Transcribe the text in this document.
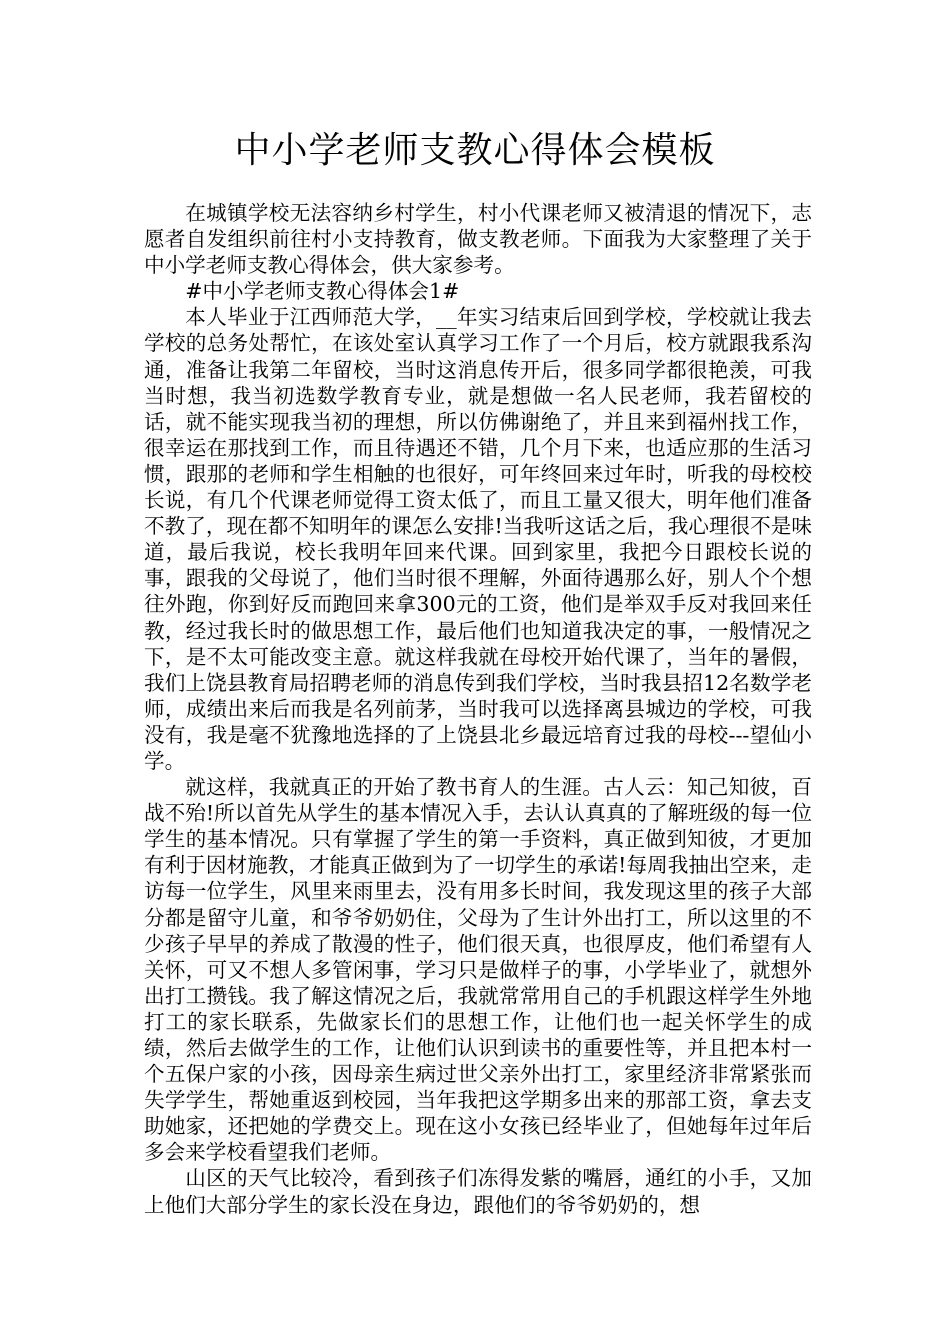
中小学老师支教心得体会模板

在城镇学校无法容纳乡村学生，村小代课老师又被清退的情况下，志愿者自发组织前往村小支持教育，做支教老师。下面我为大家整理了关于中小学老师支教心得体会，供大家参考。

#中小学老师支教心得体会1#

本人毕业于江西师范大学，__年实习结束后回到学校，学校就让我去学校的总务处帮忙，在该处室认真学习工作了一个月后，校方就跟我系沟通，准备让我第二年留校，当时这消息传开后，很多同学都很艳羡，可我当时想，我当初选数学教育专业，就是想做一名人民老师，我若留校的话，就不能实现我当初的理想，所以仿佛谢绝了，并且来到福州找工作，很幸运在那找到工作，而且待遇还不错，几个月下来，也适应那的生活习惯，跟那的老师和学生相触的也很好，可年终回来过年时，听我的母校校长说，有几个代课老师觉得工资太低了，而且工量又很大，明年他们准备不教了，现在都不知明年的课怎么安排!当我听这话之后，我心理很不是味道，最后我说，校长我明年回来代课。回到家里，我把今日跟校长说的事，跟我的父母说了，他们当时很不理解，外面待遇那么好，别人个个想往外跑，你到好反而跑回来拿300元的工资，他们是举双手反对我回来任教，经过我长时的做思想工作，最后他们也知道我决定的事，一般情况之下，是不太可能改变主意。就这样我就在母校开始代课了，当年的暑假，我们上饶县教育局招聘老师的消息传到我们学校，当时我县招12名数学老师，成绩出来后而我是名列前茅，当时我可以选择离县城边的学校，可我没有，我是毫不犹豫地选择的了上饶县北乡最远培育过我的母校---望仙小学。

就这样，我就真正的开始了教书育人的生涯。古人云：知己知彼，百战不殆!所以首先从学生的基本情况入手，去认认真真的了解班级的每一位学生的基本情况。只有掌握了学生的第一手资料，真正做到知彼，才更加有利于因材施教，才能真正做到为了一切学生的承诺!每周我抽出空来，走访每一位学生，风里来雨里去，没有用多长时间，我发现这里的孩子大部分都是留守儿童，和爷爷奶奶住，父母为了生计外出打工，所以这里的不少孩子早早的养成了散漫的性子，他们很天真，也很厚皮，他们希望有人关怀，可又不想人多管闲事，学习只是做样子的事，小学毕业了，就想外出打工攒钱。我了解这情况之后，我就常常用自己的手机跟这样学生外地打工的家长联系，先做家长们的思想工作，让他们也一起关怀学生的成绩，然后去做学生的工作，让他们认识到读书的重要性等，并且把本村一个五保户家的小孩，因母亲生病过世父亲外出打工，家里经济非常紧张而失学学生，帮她重返到校园，当年我把这学期多出来的那部工资，拿去支助她家，还把她的学费交上。现在这小女孩已经毕业了，但她每年过年后多会来学校看望我们老师。

山区的天气比较冷，看到孩子们冻得发紫的嘴唇，通红的小手，又加上他们大部分学生的家长没在身边，跟他们的爷爷奶奶的，想
